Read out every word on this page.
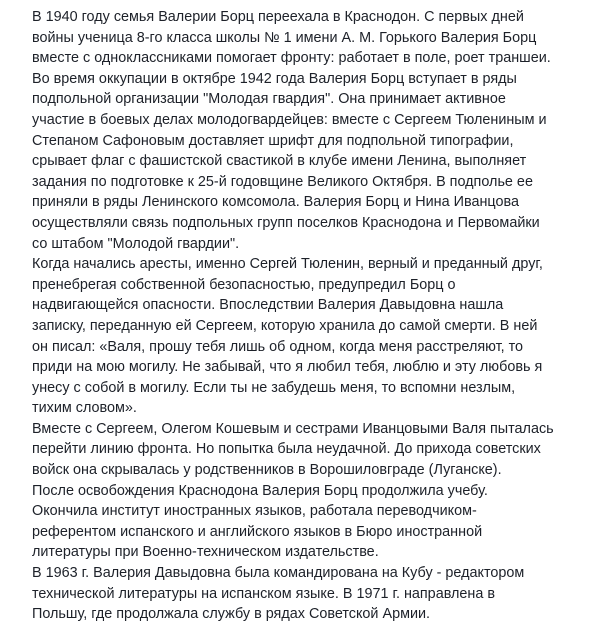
В 1940 году семья Валерии Борц переехала в Краснодон. С первых дней
войны ученица 8-го класса школы № 1 имени А. М. Горького Валерия Борц
вместе с одноклассниками помогает фронту: работает в поле, роет траншеи.
Во время оккупации в октябре 1942 года Валерия Борц вступает в ряды
подпольной организации "Молодая гвардия". Она принимает активное
участие в боевых делах молодогвардейцев: вместе с Сергеем Тюлениным и
Степаном Сафоновым доставляет шрифт для подпольной типографии,
срывает флаг с фашистской свастикой в клубе имени Ленина, выполняет
задания по подготовке к 25-й годовщине Великого Октября. В подполье ее
приняли в ряды Ленинского комсомола. Валерия Борц и Нина Иванцова
осуществляли связь подпольных групп поселков Краснодона и Первомайки
со штабом "Молодой гвардии".
Когда начались аресты, именно Сергей Тюленин, верный и преданный друг,
пренебрегая собственной безопасностью, предупредил Борц о
надвигающейся опасности. Впоследствии Валерия Давыдовна нашла
записку, переданную ей Сергеем, которую хранила до самой смерти. В ней
он писал: «Валя, прошу тебя лишь об одном, когда меня расстреляют, то
приди на мою могилу. Не забывай, что я любил тебя, люблю и эту любовь я
унесу с собой в могилу. Если ты не забудешь меня, то вспомни незлым,
тихим словом».
Вместе с Сергеем, Олегом Кошевым и сестрами Иванцовыми Валя пыталась
перейти линию фронта. Но попытка была неудачной. До прихода советских
войск она скрывалась у родственников в Ворошиловграде (Луганске).
После освобождения Краснодона Валерия Борц продолжила учебу.
Окончила институт иностранных языков, работала переводчиком-
референтом испанского и английского языков в Бюро иностранной
литературы при Военно-техническом издательстве.
В 1963 г. Валерия Давыдовна была командирована на Кубу - редактором
технической литературы на испанском языке. В 1971 г. направлена в
Польшу, где продолжала службу в рядах Советской Армии.
